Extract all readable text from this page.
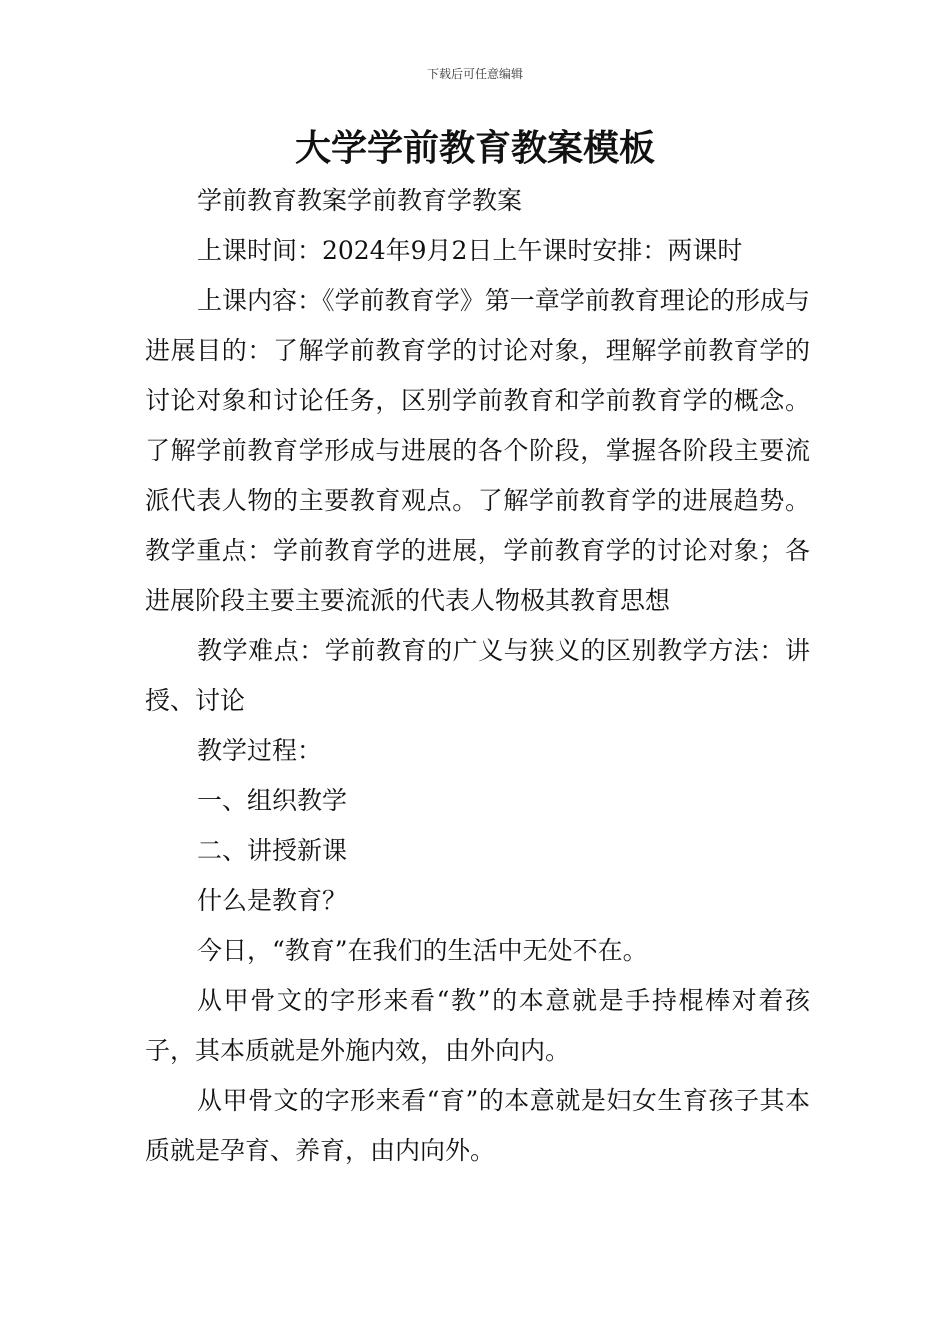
下载后可任意编辑
大学学前教育教案模板

学前教育教案学前教育学教案

上课时间：2024年9月2日上午课时安排：两课时

上课内容：《学前教育学》第一章学前教育理论的形成与进展目的：了解学前教育学的讨论对象，理解学前教育学的讨论对象和讨论任务，区别学前教育和学前教育学的概念。了解学前教育学形成与进展的各个阶段，掌握各阶段主要流派代表人物的主要教育观点。了解学前教育学的进展趋势。教学重点：学前教育学的进展，学前教育学的讨论对象；各进展阶段主要主要流派的代表人物极其教育思想

教学难点：学前教育的广义与狭义的区别教学方法：讲授、讨论

教学过程：

一、组织教学

二、讲授新课

什么是教育？

今日，“教育”在我们的生活中无处不在。

从甲骨文的字形来看“教”的本意就是手持棍棒对着孩子，其本质就是外施内效，由外向内。

从甲骨文的字形来看“育”的本意就是妇女生育孩子其本质就是孕育、养育，由内向外。
